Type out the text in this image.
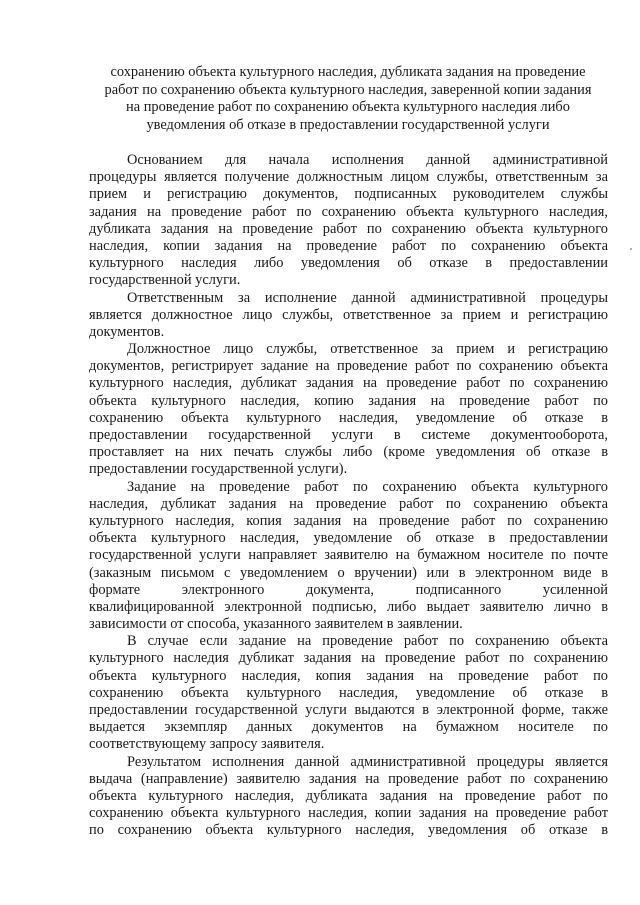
сохранению объекта культурного наследия, дубликата задания на проведение
работ по сохранению объекта культурного наследия, заверенной копии задания
на проведение работ по сохранению объекта культурного наследия либо
уведомления об отказе в предоставлении государственной услуги
Основанием для начала исполнения данной административной
процедуры является получение должностным лицом службы, ответственным за
прием и регистрацию документов, подписанных руководителем службы
задания на проведение работ по сохранению объекта культурного наследия,
дубликата задания на проведение работ по сохранению объекта культурного
наследия, копии задания на проведение работ по сохранению объекта
культурного наследия либо уведомления об отказе в предоставлении
государственной услуги.
Ответственным за исполнение данной административной процедуры
является должностное лицо службы, ответственное за прием и регистрацию
документов.
Должностное лицо службы, ответственное за прием и регистрацию
документов, регистрирует задание на проведение работ по сохранению объекта
культурного наследия, дубликат задания на проведение работ по сохранению
объекта культурного наследия, копию задания на проведение работ по
сохранению объекта культурного наследия, уведомление об отказе в
предоставлении государственной услуги в системе документооборота,
проставляет на них печать службы либо (кроме уведомления об отказе в
предоставлении государственной услуги).
Задание на проведение работ по сохранению объекта культурного
наследия, дубликат задания на проведение работ по сохранению объекта
культурного наследия, копия задания на проведение работ по сохранению
объекта культурного наследия, уведомление об отказе в предоставлении
государственной услуги направляет заявителю на бумажном носителе по почте
(заказным письмом с уведомлением о вручении) или в электронном виде в
формате электронного документа, подписанного усиленной
квалифицированной электронной подписью, либо выдает заявителю лично в
зависимости от способа, указанного заявителем в заявлении.
В случае если задание на проведение работ по сохранению объекта
культурного наследия дубликат задания на проведение работ по сохранению
объекта культурного наследия, копия задания на проведение работ по
сохранению объекта культурного наследия, уведомление об отказе в
предоставлении государственной услуги выдаются в электронной форме, также
выдается экземпляр данных документов на бумажном носителе по
соответствующему запросу заявителя.
Результатом исполнения данной административной процедуры является
выдача (направление) заявителю задания на проведение работ по сохранению
объекта культурного наследия, дубликата задания на проведение работ по
сохранению объекта культурного наследия, копии задания на проведение работ
по сохранению объекта культурного наследия, уведомления об отказе в
